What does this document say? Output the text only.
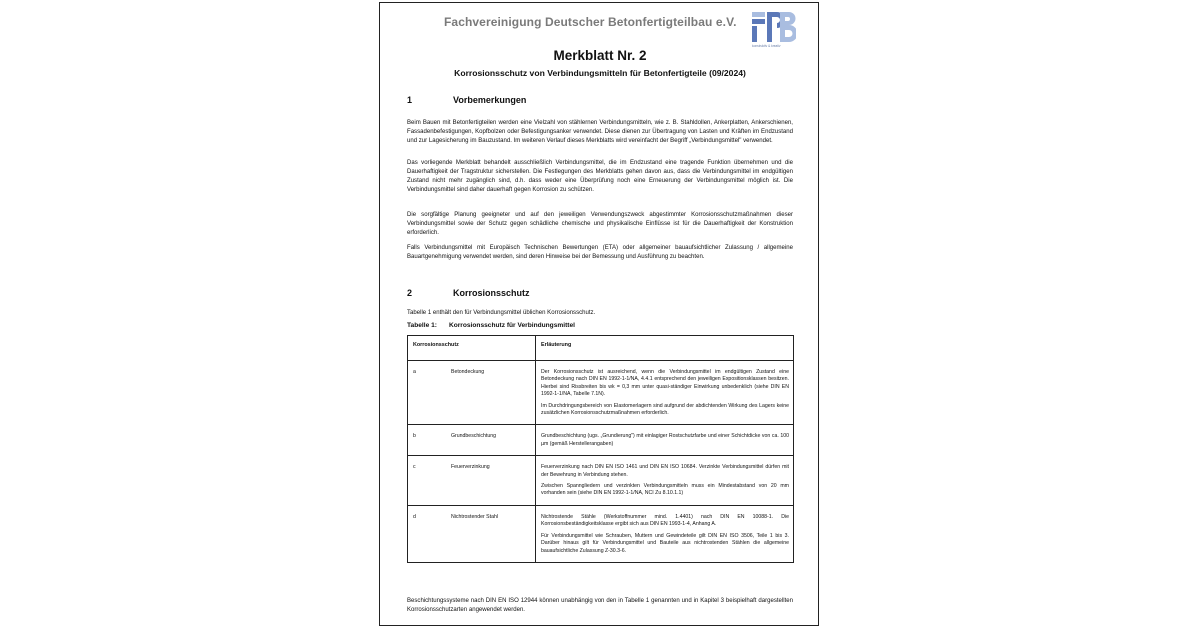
Fachvereinigung Deutscher Betonfertigteilbau e.V.
konstruktiv & kreativ
Merkblatt Nr. 2
Korrosionsschutz von Verbindungsmitteln für Betonfertigteile (09/2024)
1	Vorbemerkungen

Beim Bauen mit Betonfertigteilen werden eine Vielzahl von stählernen Verbindungsmitteln, wie z. B. Stahldollen, Ankerplatten, Ankerschienen, Fassadenbefestigungen, Kopfbolzen oder Befestigungsanker verwendet. Diese dienen zur Übertragung von Lasten und Kräften im Endzustand und zur Lagesicherung im Bauzustand. Im weiteren Verlauf dieses Merkblatts wird vereinfacht der Begriff „Verbindungsmittel" verwendet.

Das vorliegende Merkblatt behandelt ausschließlich Verbindungsmittel, die im Endzustand eine tragende Funktion übernehmen und die Dauerhaftigkeit der Tragstruktur sicherstellen. Die Festlegungen des Merkblatts gehen davon aus, dass die Verbindungsmittel im endgültigen Zustand nicht mehr zugänglich sind, d.h. dass weder eine Überprüfung noch eine Erneuerung der Verbindungsmittel möglich ist. Die Verbindungsmittel sind daher dauerhaft gegen Korrosion zu schützen.

Die sorgfältige Planung geeigneter und auf den jeweiligen Verwendungszweck abgestimmter Korrosionsschutzmaßnahmen dieser Verbindungsmittel sowie der Schutz gegen schädliche chemische und physikalische Einflüsse ist für die Dauerhaftigkeit der Konstruktion erforderlich.

Falls Verbindungsmittel mit Europäisch Technischen Bewertungen (ETA) oder allgemeiner bauaufsichtlicher Zulassung / allgemeine Bauartgenehmigung verwendet werden, sind deren Hinweise bei der Bemessung und Ausführung zu beachten.

2	Korrosionsschutz

Tabelle 1 enthält den für Verbindungsmittel üblichen Korrosionsschutz.

Tabelle 1: Korrosionsschutz für Verbindungsmittel
Korrosionsschutz		Erläuterung
a	Betondeckung	Der Korrosionsschutz ist ausreichend, wenn die Verbindungsmittel im endgültigen Zustand eine Betondeckung nach DIN EN 1992-1-1/NA, 4.4.1 entsprechend den jeweiligen Expositionsklassen besitzen. Hierbei sind Rissbreiten bis wk = 0,3 mm unter quasi-ständiger Einwirkung unbedenklich (siehe DIN EN 1992-1-1/NA, Tabelle 7.1N).

Im Durchdringungsbereich von Elastomerlagern sind aufgrund der abdichtenden Wirkung des Lagers keine zusätzlichen Korrosionsschutzmaßnahmen erforderlich.

b	Grundbeschichtung	Grundbeschichtung (ugs. „Grundierung") mit einlagiger Rostschutzfarbe und einer Schichtdicke von ca. 100 µm (gemäß Herstellerangaben)

c	Feuerverzinkung	Feuerverzinkung nach DIN EN ISO 1461 und DIN EN ISO 10684. Verzinkte Verbindungsmittel dürfen mit der Bewehrung in Verbindung stehen.

Zwischen Spanngliedern und verzinkten Verbindungsmitteln muss ein Mindestabstand von 20 mm vorhanden sein (siehe DIN EN 1992-1-1/NA, NCI Zu 8.10.1.1)

d	Nichtrostender Stahl	Nichtrostende Stähle (Werkstoffnummer mind. 1.4401) nach DIN EN 10088-1. Die Korrosionsbeständigkeitsklasse ergibt sich aus DIN EN 1993-1-4, Anhang A.

Für Verbindungsmittel wie Schrauben, Muttern und Gewindeteile gilt DIN EN ISO 3506, Teile 1 bis 3. Darüber hinaus gilt für Verbindungsmittel und Bauteile aus nichtrostenden Stählen die allgemeine bauaufsichtliche Zulassung Z-30.3-6.

Beschichtungssysteme nach DIN EN ISO 12944 können unabhängig von den in Tabelle 1 genannten und in Kapitel 3 beispielhaft dargestellten Korrosionsschutzarten angewendet werden.
